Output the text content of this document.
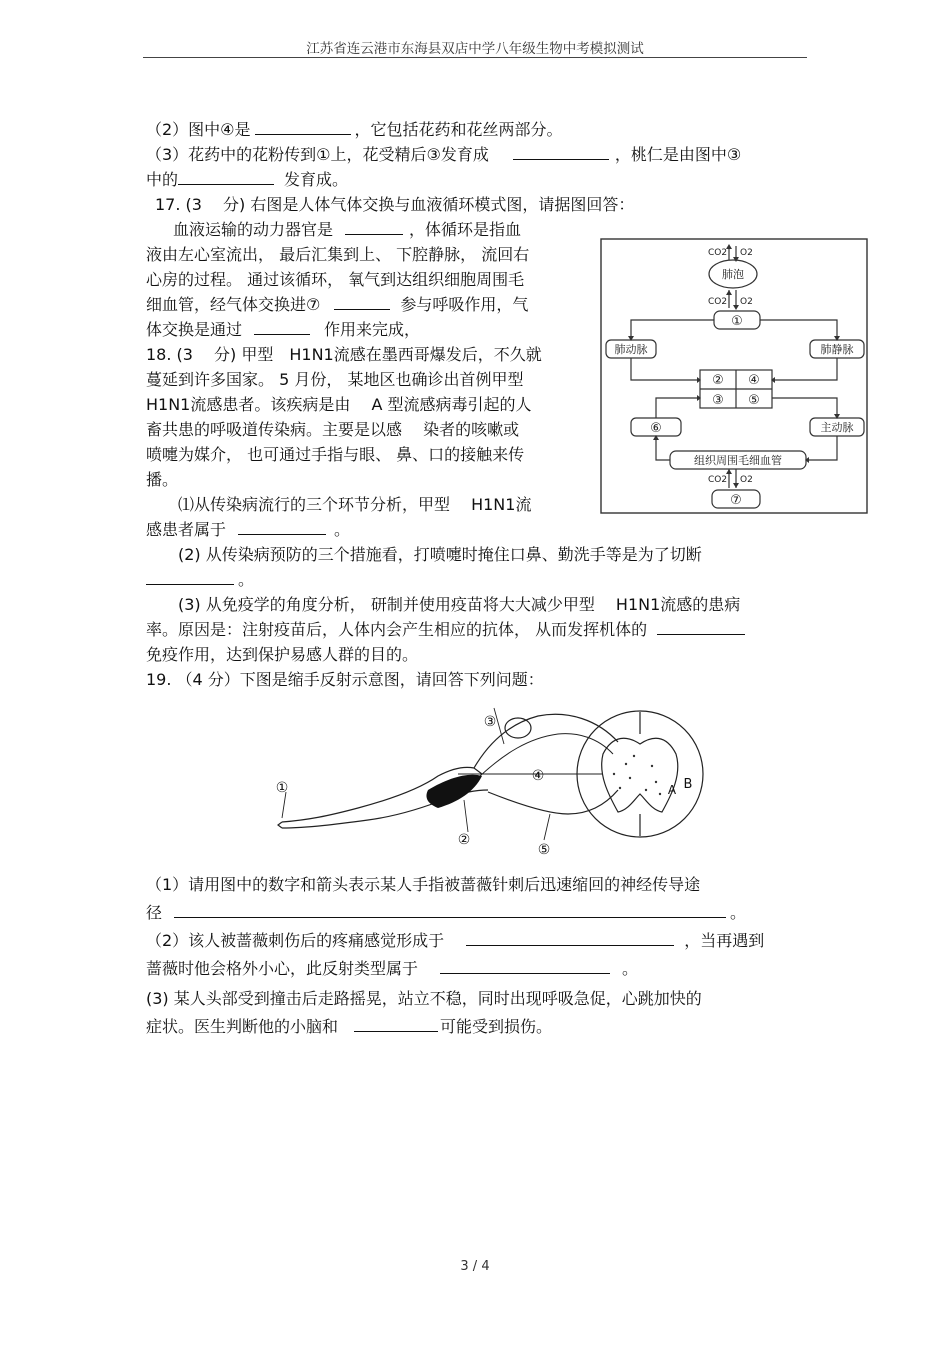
江苏省连云港市东海县双店中学八年级生物中考模拟测试
（2）图中④是	，它包括花药和花丝两部分。
（3）花药中的花粉传到①上，花受精后③发育成	，桃仁是由图中③
中的	发育成。
17. (3　 分) 右图是人体气体交换与血液循环模式图，请据图回答：
血液运输的动力器官是	，体循环是指血
液由左心室流出， 最后汇集到上、 下腔静脉， 流回右
心房的过程。 通过该循环， 氧气到达组织细胞周围毛
细血管，经气体交换进⑦	参与呼吸作用，气
体交换是通过	作用来完成，
18. (3　 分) 甲型　H1N1流感在墨西哥爆发后，不久就
蔓延到许多国家。 5 月份， 某地区也确诊出首例甲型
H1N1流感患者。该疾病是由　 A 型流感病毒引起的人
畜共患的呼吸道传染病。主要是以感　 染者的咳嗽或
喷嚏为媒介， 也可通过手指与眼、 鼻、口的接触来传
播。
⑴从传染病流行的三个环节分析，甲型　 H1N1流
感患者属于	。
(2) 从传染病预防的三个措施看，打喷嚏时掩住口鼻、勤洗手等是为了切断
。
(3) 从免疫学的角度分析， 研制并使用疫苗将大大减少甲型　 H1N1流感的患病
率。原因是：注射疫苗后，人体内会产生相应的抗体， 从而发挥机体的
免疫作用，达到保护易感人群的目的。
19. （4 分）下图是缩手反射示意图，请回答下列问题：
（1）请用图中的数字和箭头表示某人手指被蔷薇针刺后迅速缩回的神经传导途
径	。
（2）该人被蔷薇刺伤后的疼痛感觉形成于	，当再遇到
蔷薇时他会格外小心，此反射类型属于	。
(3) 某人头部受到撞击后走路摇晃，站立不稳，同时出现呼吸急促，心跳加快的
症状。医生判断他的小脑和	可能受到损伤。
CO2 O2
CO2 O2
CO2 O2
肺泡
①
肺动脉	肺静脉
② ④
③ ⑤
⑥	主动脉
组织周围毛细血管
⑦
①
②
③
④
⑤
A B
3 / 4
